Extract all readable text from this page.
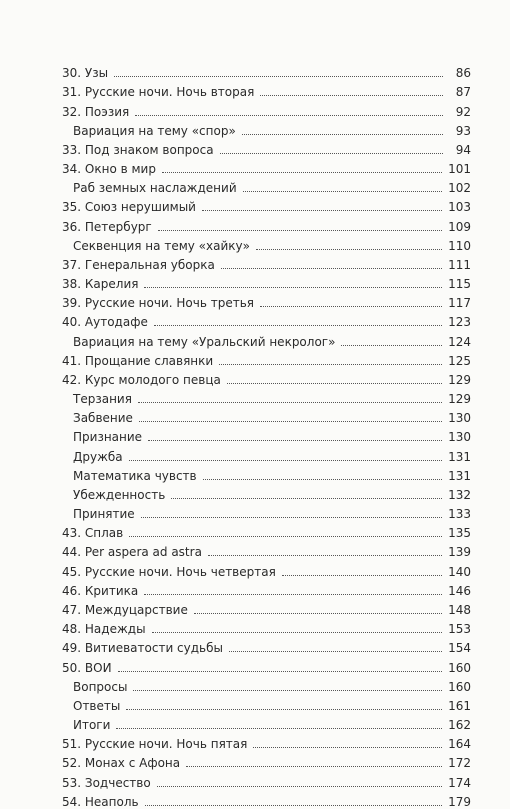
30. Узы	86
31. Русские ночи. Ночь вторая	87
32. Поэзия	92
Вариация на тему «спор»	93
33. Под знаком вопроса	94
34. Окно в мир	101
Раб земных наслаждений	102
35. Союз нерушимый	103
36. Петербург	109
Секвенция на тему «хайку»	110
37. Генеральная уборка	111
38. Карелия	115
39. Русские ночи. Ночь третья	117
40. Аутодафе	123
Вариация на тему «Уральский некролог»	124
41. Прощание славянки	125
42. Курс молодого певца	129
Терзания	129
Забвение	130
Признание	130
Дружба	131
Математика чувств	131
Убежденность	132
Принятие	133
43. Сплав	135
44. Per aspera ad astra	139
45. Русские ночи. Ночь четвертая	140
46. Критика	146
47. Междуцарствие	148
48. Надежды	153
49. Витиеватости судьбы	154
50. ВОИ	160
Вопросы	160
Ответы	161
Итоги	162
51. Русские ночи. Ночь пятая	164
52. Монах с Афона	172
53. Зодчество	174
54. Неаполь	179
